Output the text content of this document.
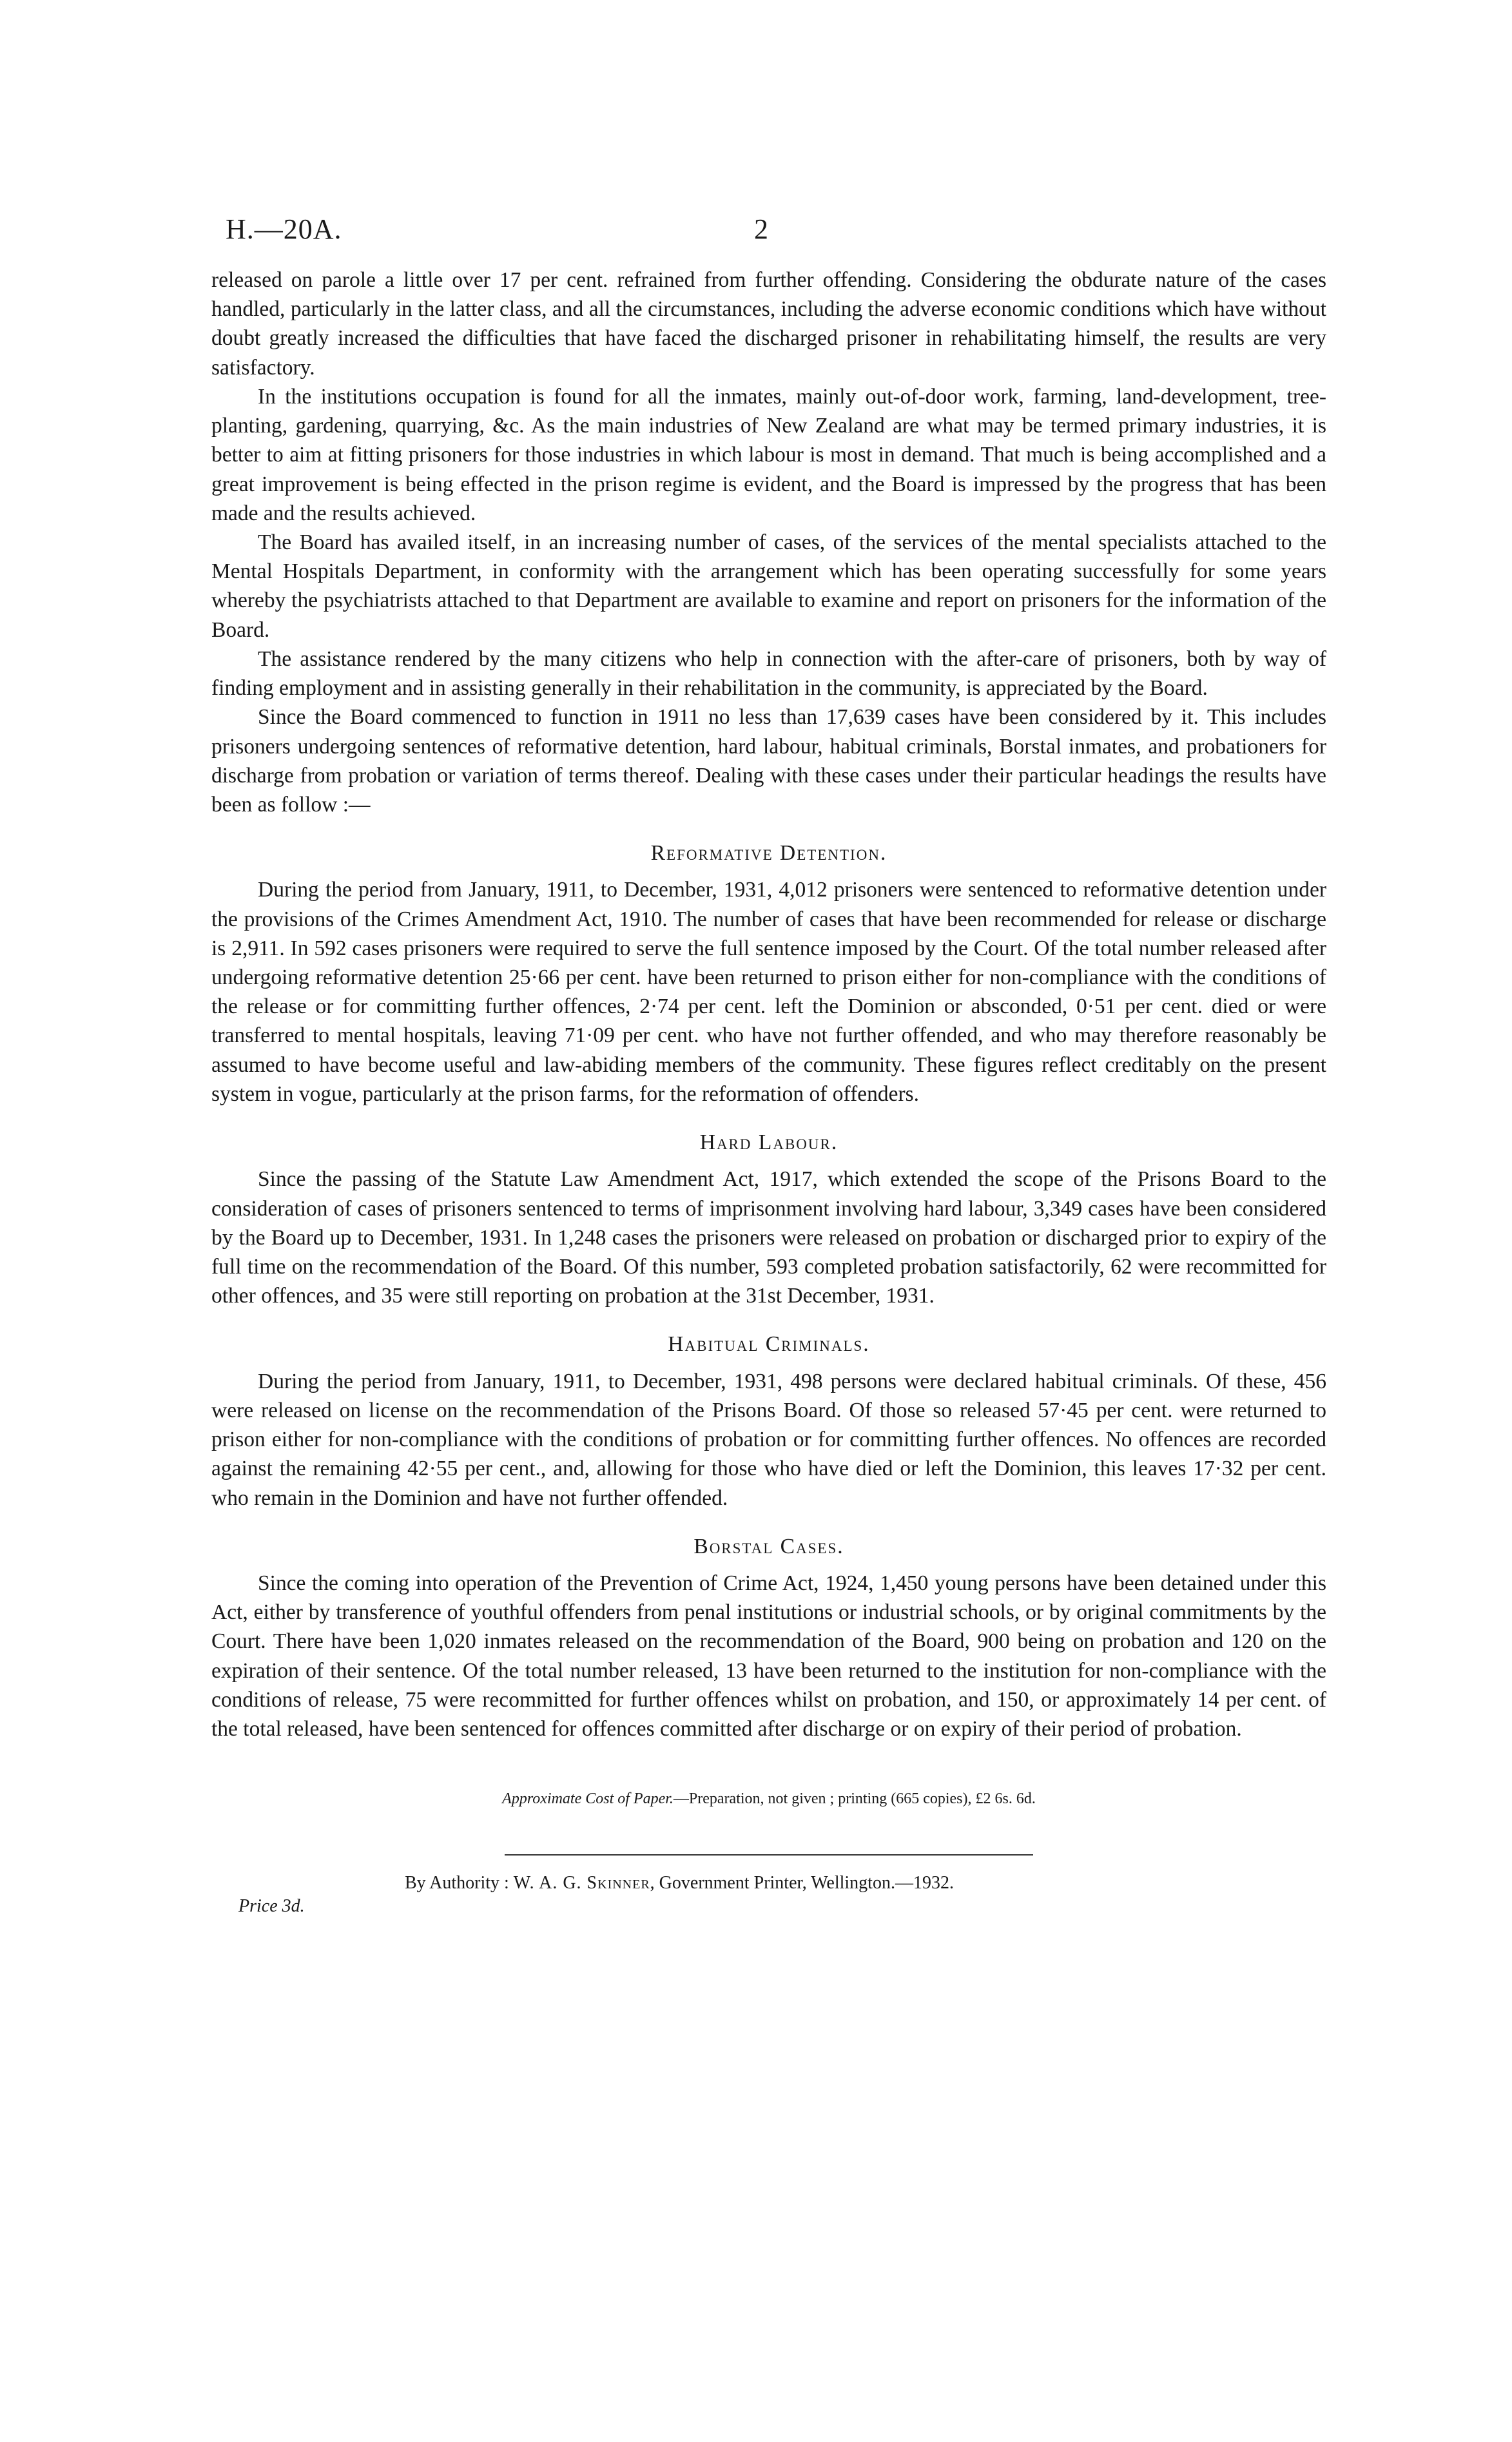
H.—20A.	2

released on parole a little over 17 per cent. refrained from further offending. Considering the obdurate nature of the cases handled, particularly in the latter class, and all the circumstances, including the adverse economic conditions which have without doubt greatly increased the difficulties that have faced the discharged prisoner in rehabilitating himself, the results are very satisfactory.

In the institutions occupation is found for all the inmates, mainly out-of-door work, farming, land-development, tree-planting, gardening, quarrying, &c. As the main industries of New Zealand are what may be termed primary industries, it is better to aim at fitting prisoners for those industries in which labour is most in demand. That much is being accomplished and a great improvement is being effected in the prison regime is evident, and the Board is impressed by the progress that has been made and the results achieved.

The Board has availed itself, in an increasing number of cases, of the services of the mental specialists attached to the Mental Hospitals Department, in conformity with the arrangement which has been operating successfully for some years whereby the psychiatrists attached to that Department are available to examine and report on prisoners for the information of the Board.

The assistance rendered by the many citizens who help in connection with the after-care of prisoners, both by way of finding employment and in assisting generally in their rehabilitation in the community, is appreciated by the Board.

Since the Board commenced to function in 1911 no less than 17,639 cases have been considered by it. This includes prisoners undergoing sentences of reformative detention, hard labour, habitual criminals, Borstal inmates, and probationers for discharge from probation or variation of terms thereof. Dealing with these cases under their particular headings the results have been as follow :—

Reformative Detention.

During the period from January, 1911, to December, 1931, 4,012 prisoners were sentenced to reformative detention under the provisions of the Crimes Amendment Act, 1910. The number of cases that have been recommended for release or discharge is 2,911. In 592 cases prisoners were required to serve the full sentence imposed by the Court. Of the total number released after undergoing reformative detention 25·66 per cent. have been returned to prison either for non-compliance with the conditions of the release or for committing further offences, 2·74 per cent. left the Dominion or absconded, 0·51 per cent. died or were transferred to mental hospitals, leaving 71·09 per cent. who have not further offended, and who may therefore reasonably be assumed to have become useful and law-abiding members of the community. These figures reflect creditably on the present system in vogue, particularly at the prison farms, for the reformation of offenders.

Hard Labour.

Since the passing of the Statute Law Amendment Act, 1917, which extended the scope of the Prisons Board to the consideration of cases of prisoners sentenced to terms of imprisonment involving hard labour, 3,349 cases have been considered by the Board up to December, 1931. In 1,248 cases the prisoners were released on probation or discharged prior to expiry of the full time on the recommendation of the Board. Of this number, 593 completed probation satisfactorily, 62 were recommitted for other offences, and 35 were still reporting on probation at the 31st December, 1931.

Habitual Criminals.

During the period from January, 1911, to December, 1931, 498 persons were declared habitual criminals. Of these, 456 were released on license on the recommendation of the Prisons Board. Of those so released 57·45 per cent. were returned to prison either for non-compliance with the conditions of probation or for committing further offences. No offences are recorded against the remaining 42·55 per cent., and, allowing for those who have died or left the Dominion, this leaves 17·32 per cent. who remain in the Dominion and have not further offended.

Borstal Cases.

Since the coming into operation of the Prevention of Crime Act, 1924, 1,450 young persons have been detained under this Act, either by transference of youthful offenders from penal institutions or industrial schools, or by original commitments by the Court. There have been 1,020 inmates released on the recommendation of the Board, 900 being on probation and 120 on the expiration of their sentence. Of the total number released, 13 have been returned to the institution for non-compliance with the conditions of release, 75 were recommitted for further offences whilst on probation, and 150, or approximately 14 per cent. of the total released, have been sentenced for offences committed after discharge or on expiry of their period of probation.

Approximate Cost of Paper.—Preparation, not given ; printing (665 copies), £2 6s. 6d.
Price 3d.
By Authority : W. A. G. Skinner, Government Printer, Wellington.—1932.
